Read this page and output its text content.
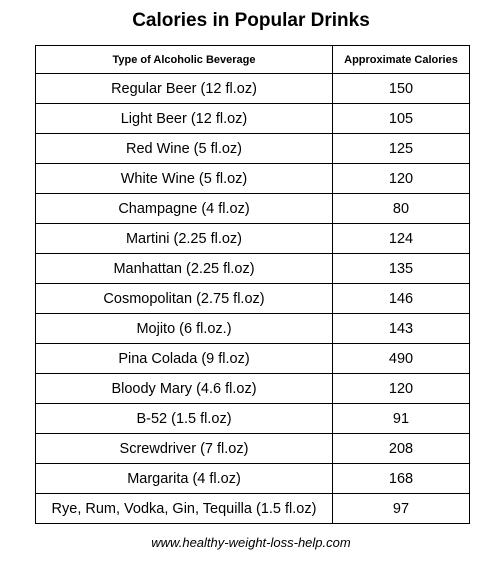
Calories in Popular Drinks
Type of Alcoholic Beverage	Approximate Calories
Regular Beer (12 fl.oz)	150
Light Beer (12 fl.oz)	105
Red Wine (5 fl.oz)	125
White Wine (5 fl.oz)	120
Champagne (4 fl.oz)	80
Martini (2.25 fl.oz)	124
Manhattan (2.25 fl.oz)	135
Cosmopolitan (2.75 fl.oz)	146
Mojito (6 fl.oz.)	143
Pina Colada (9 fl.oz)	490
Bloody Mary (4.6 fl.oz)	120
B-52 (1.5 fl.oz)	91
Screwdriver (7 fl.oz)	208
Margarita (4 fl.oz)	168
Rye, Rum, Vodka, Gin, Tequilla (1.5 fl.oz)	97
www.healthy-weight-loss-help.com
